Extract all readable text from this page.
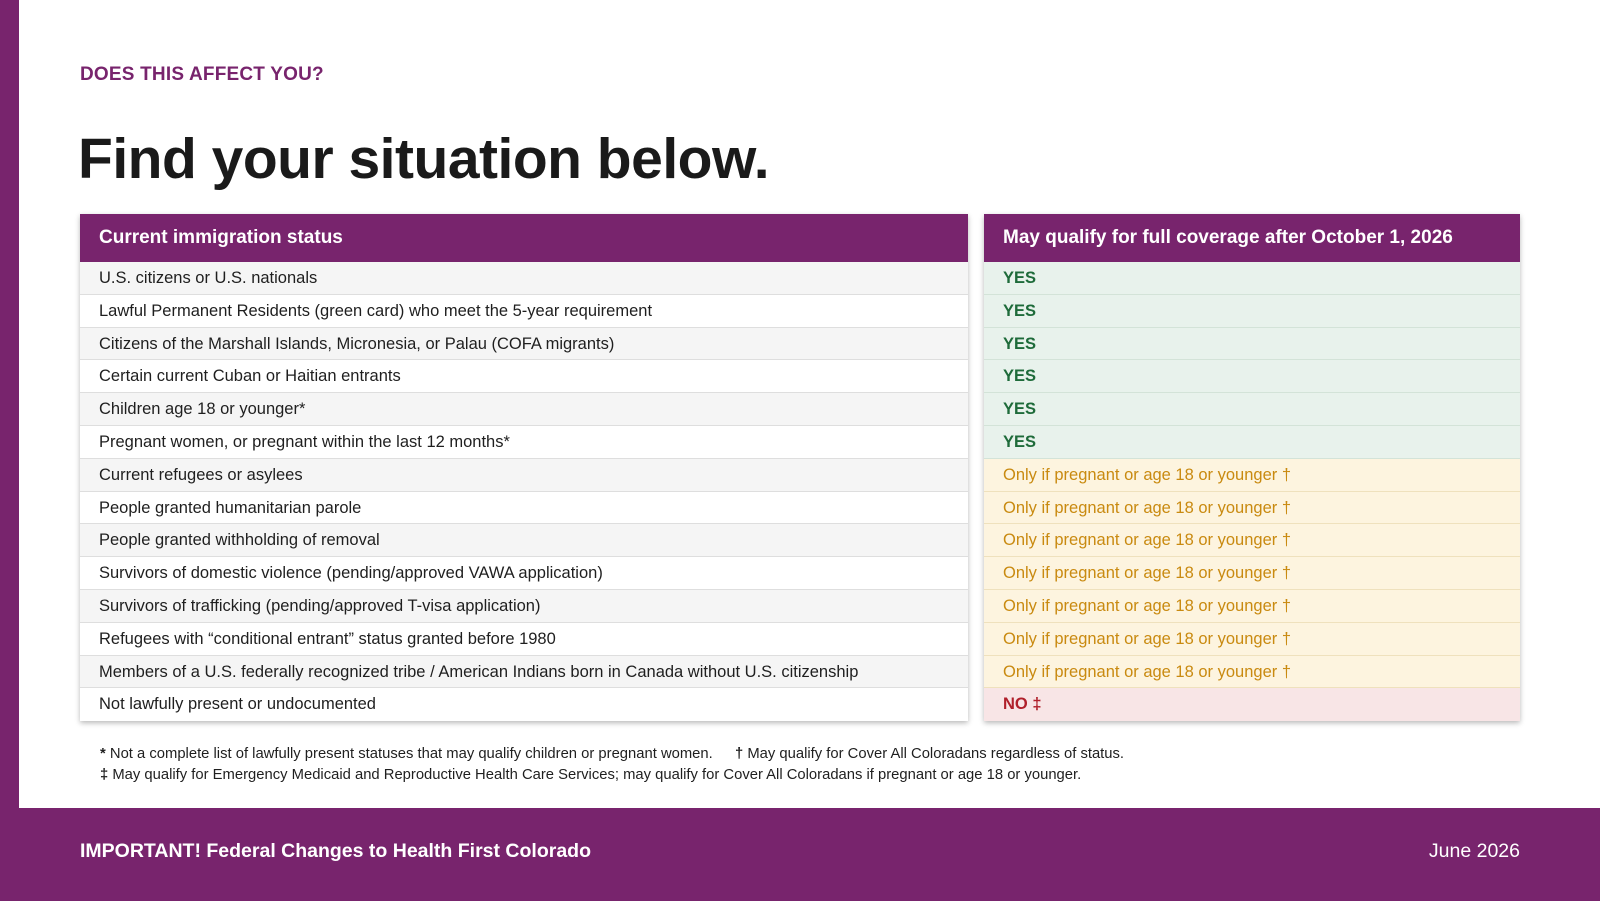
DOES THIS AFFECT YOU?
Find your situation below.
Current immigration status
U.S. citizens or U.S. nationals
Lawful Permanent Residents (green card) who meet the 5-year requirement
Citizens of the Marshall Islands, Micronesia, or Palau (COFA migrants)
Certain current Cuban or Haitian entrants
Children age 18 or younger*
Pregnant women, or pregnant within the last 12 months*
Current refugees or asylees
People granted humanitarian parole
People granted withholding of removal
Survivors of domestic violence (pending/approved VAWA application)
Survivors of trafficking (pending/approved T-visa application)
Refugees with “conditional entrant” status granted before 1980
Members of a U.S. federally recognized tribe / American Indians born in Canada without U.S. citizenship
Not lawfully present or undocumented
May qualify for full coverage after October 1, 2026
YES
YES
YES
YES
YES
YES
Only if pregnant or age 18 or younger †
Only if pregnant or age 18 or younger †
Only if pregnant or age 18 or younger †
Only if pregnant or age 18 or younger †
Only if pregnant or age 18 or younger †
Only if pregnant or age 18 or younger †
Only if pregnant or age 18 or younger †
NO ‡
* Not a complete list of lawfully present statuses that may qualify children or pregnant women. † May qualify for Cover All Coloradans regardless of status.
‡ May qualify for Emergency Medicaid and Reproductive Health Care Services; may qualify for Cover All Coloradans if pregnant or age 18 or younger.
IMPORTANT! Federal Changes to Health First Colorado	June 2026
